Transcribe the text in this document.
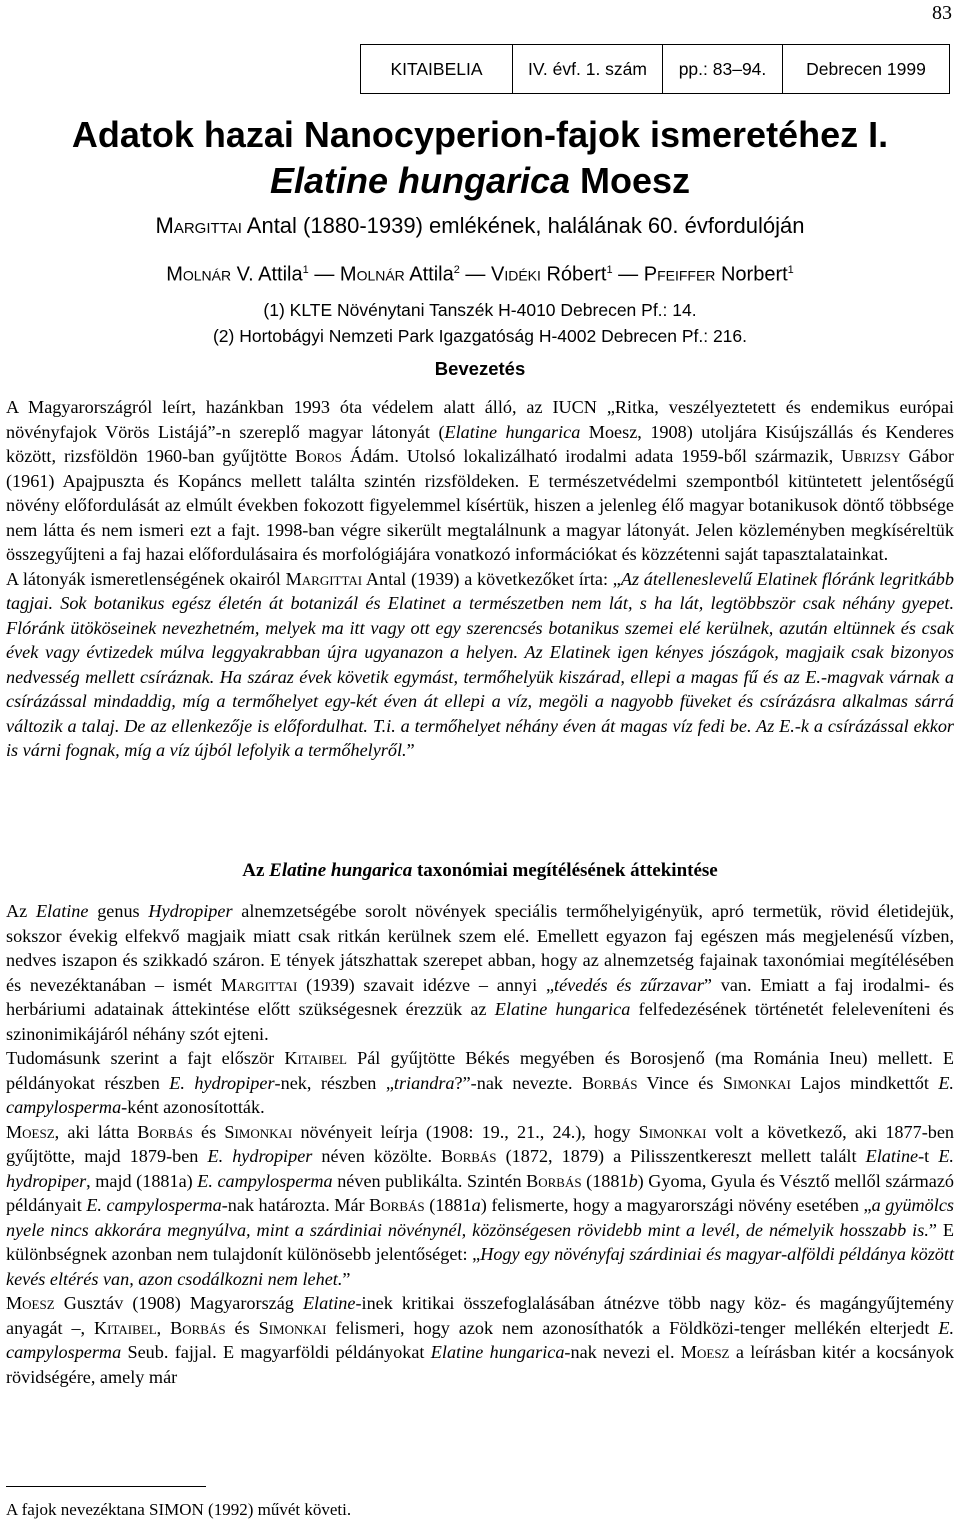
83
KITAIBELIA	IV. évf. 1. szám	pp.: 83–94.	Debrecen 1999
Adatok hazai Nanocyperion-fajok ismeretéhez I.
Elatine hungarica Moesz
Margittai Antal (1880-1939) emlékének, halálának 60. évfordulóján
Molnár V. Attila$^1$ — Molnár Attila$^2$ — Vidéki Róbert$^1$ — Pfeiffer Norbert$^1$
(1) KLTE Növénytani Tanszék H-4010 Debrecen Pf.: 14.
(2) Hortobágyi Nemzeti Park Igazgatóság H-4002 Debrecen Pf.: 216.
Bevezetés

A Magyarországról leírt, hazánkban 1993 óta védelem alatt álló, az IUCN „Ritka, veszélyeztetett és endemikus európai növényfajok Vörös Listájá”-n szereplő magyar látonyát (Elatine hungarica Moesz, 1908) utoljára Kisújszállás és Kenderes között, rizsföldön 1960-ban gyűjtötte Boros Ádám. Utolsó lokalizálható irodalmi adata 1959-ből származik, Ubrizsy Gábor (1961) Apajpuszta és Kopáncs mellett találta szintén rizsföldeken. E természetvédelmi szempontból kitüntetett jelentőségű növény előfordulását az elmúlt években fokozott figyelemmel kísértük, hiszen a jelenleg élő magyar botanikusok döntő többsége nem látta és nem ismeri ezt a fajt. 1998-ban végre sikerült megtalálnunk a magyar látonyát. Jelen közleményben megkíséreltük összegyűjteni a faj hazai előfordulásaira és morfológiájára vonatkozó információkat és közzétenni saját tapasztalatainkat.

A látonyák ismeretlenségének okairól Margittai Antal (1939) a következőket írta: „Az átelleneslevelű Elatinek flóránk legritkább tagjai. Sok botanikus egész életén át botanizál és Elatinet a természetben nem lát, s ha lát, legtöbbször csak néhány gyepet. Flóránk ütököseinek nevezhetném, melyek ma itt vagy ott egy szerencsés botanikus szemei elé kerülnek, azután eltünnek és csak évek vagy évtizedek múlva leggyakrabban újra ugyanazon a helyen. Az Elatinek igen kényes jószágok, magjaik csak bizonyos nedvesség mellett csíráznak. Ha száraz évek követik egymást, termőhelyük kiszárad, ellepi a magas fű és az E.-magvak várnak a csírázással mindaddig, míg a termőhelyet egy-két éven át ellepi a víz, megöli a nagyobb füveket és csírázásra alkalmas sárrá változik a talaj. De az ellenkezője is előfordulhat. T.i. a termőhelyet néhány éven át magas víz fedi be. Az E.-k a csírázással ekkor is várni fognak, míg a víz újból lefolyik a termőhelyről.”

Az Elatine hungarica taxonómiai megítélésének áttekintése

Az Elatine genus Hydropiper alnemzetségébe sorolt növények speciális termőhelyigényük, apró termetük, rövid életidejük, sokszor évekig elfekvő magjaik miatt csak ritkán kerülnek szem elé. Emellett egyazon faj egészen más megjelenésű vízben, nedves iszapon és szikkadó száron. E tények játszhattak szerepet abban, hogy az alnemzetség fajainak taxonómiai megítélésében és nevezéktanában – ismét Margittai (1939) szavait idézve – annyi „tévedés és zűrzavar” van. Emiatt a faj irodalmi- és herbáriumi adatainak áttekintése előtt szükségesnek érezzük az Elatine hungarica felfedezésének történetét feleleveníteni és szinonimikájáról néhány szót ejteni.

Tudomásunk szerint a fajt először Kitaibel Pál gyűjtötte Békés megyében és Borosjenő (ma Románia Ineu) mellett. E példányokat részben E. hydropiper-nek, részben „triandra?”-nak nevezte. Borbás Vince és Simonkai Lajos mindkettőt E. campylosperma-ként azonosították.

Moesz, aki látta Borbás és Simonkai növényeit leírja (1908: 19., 21., 24.), hogy Simonkai volt a következő, aki 1877-ben gyűjtötte, majd 1879-ben E. hydropiper néven közölte. Borbás (1872, 1879) a Pilisszentkereszt mellett talált Elatine-t E. hydropiper, majd (1881a) E. campylosperma néven publikálta. Szintén Borbás (1881b) Gyoma, Gyula és Vésztő mellől származó példányait E. campylosperma-nak határozta. Már Borbás (1881a) felismerte, hogy a magyarországi növény esetében „a gyümölcs nyele nincs akkorára megnyúlva, mint a szárdiniai növénynél, közönségesen rövidebb mint a levél, de némelyik hosszabb is.” E különbségnek azonban nem tulajdonít különösebb jelentőséget: „Hogy egy növényfaj szárdiniai és magyar-alföldi példánya között kevés eltérés van, azon csodálkozni nem lehet.”

Moesz Gusztáv (1908) Magyarország Elatine-inek kritikai összefoglalásában átnézve több nagy köz- és magángyűjtemény anyagát –, Kitaibel, Borbás és Simonkai felismeri, hogy azok nem azonosíthatók a Földközi-tenger mellékén elterjedt E. campylosperma Seub. fajjal. E magyarföldi példányokat Elatine hungarica-nak nevezi el. Moesz a leírásban kitér a kocsányok rövidségére, amely már

A fajok nevezéktana SIMON (1992) művét követi.
